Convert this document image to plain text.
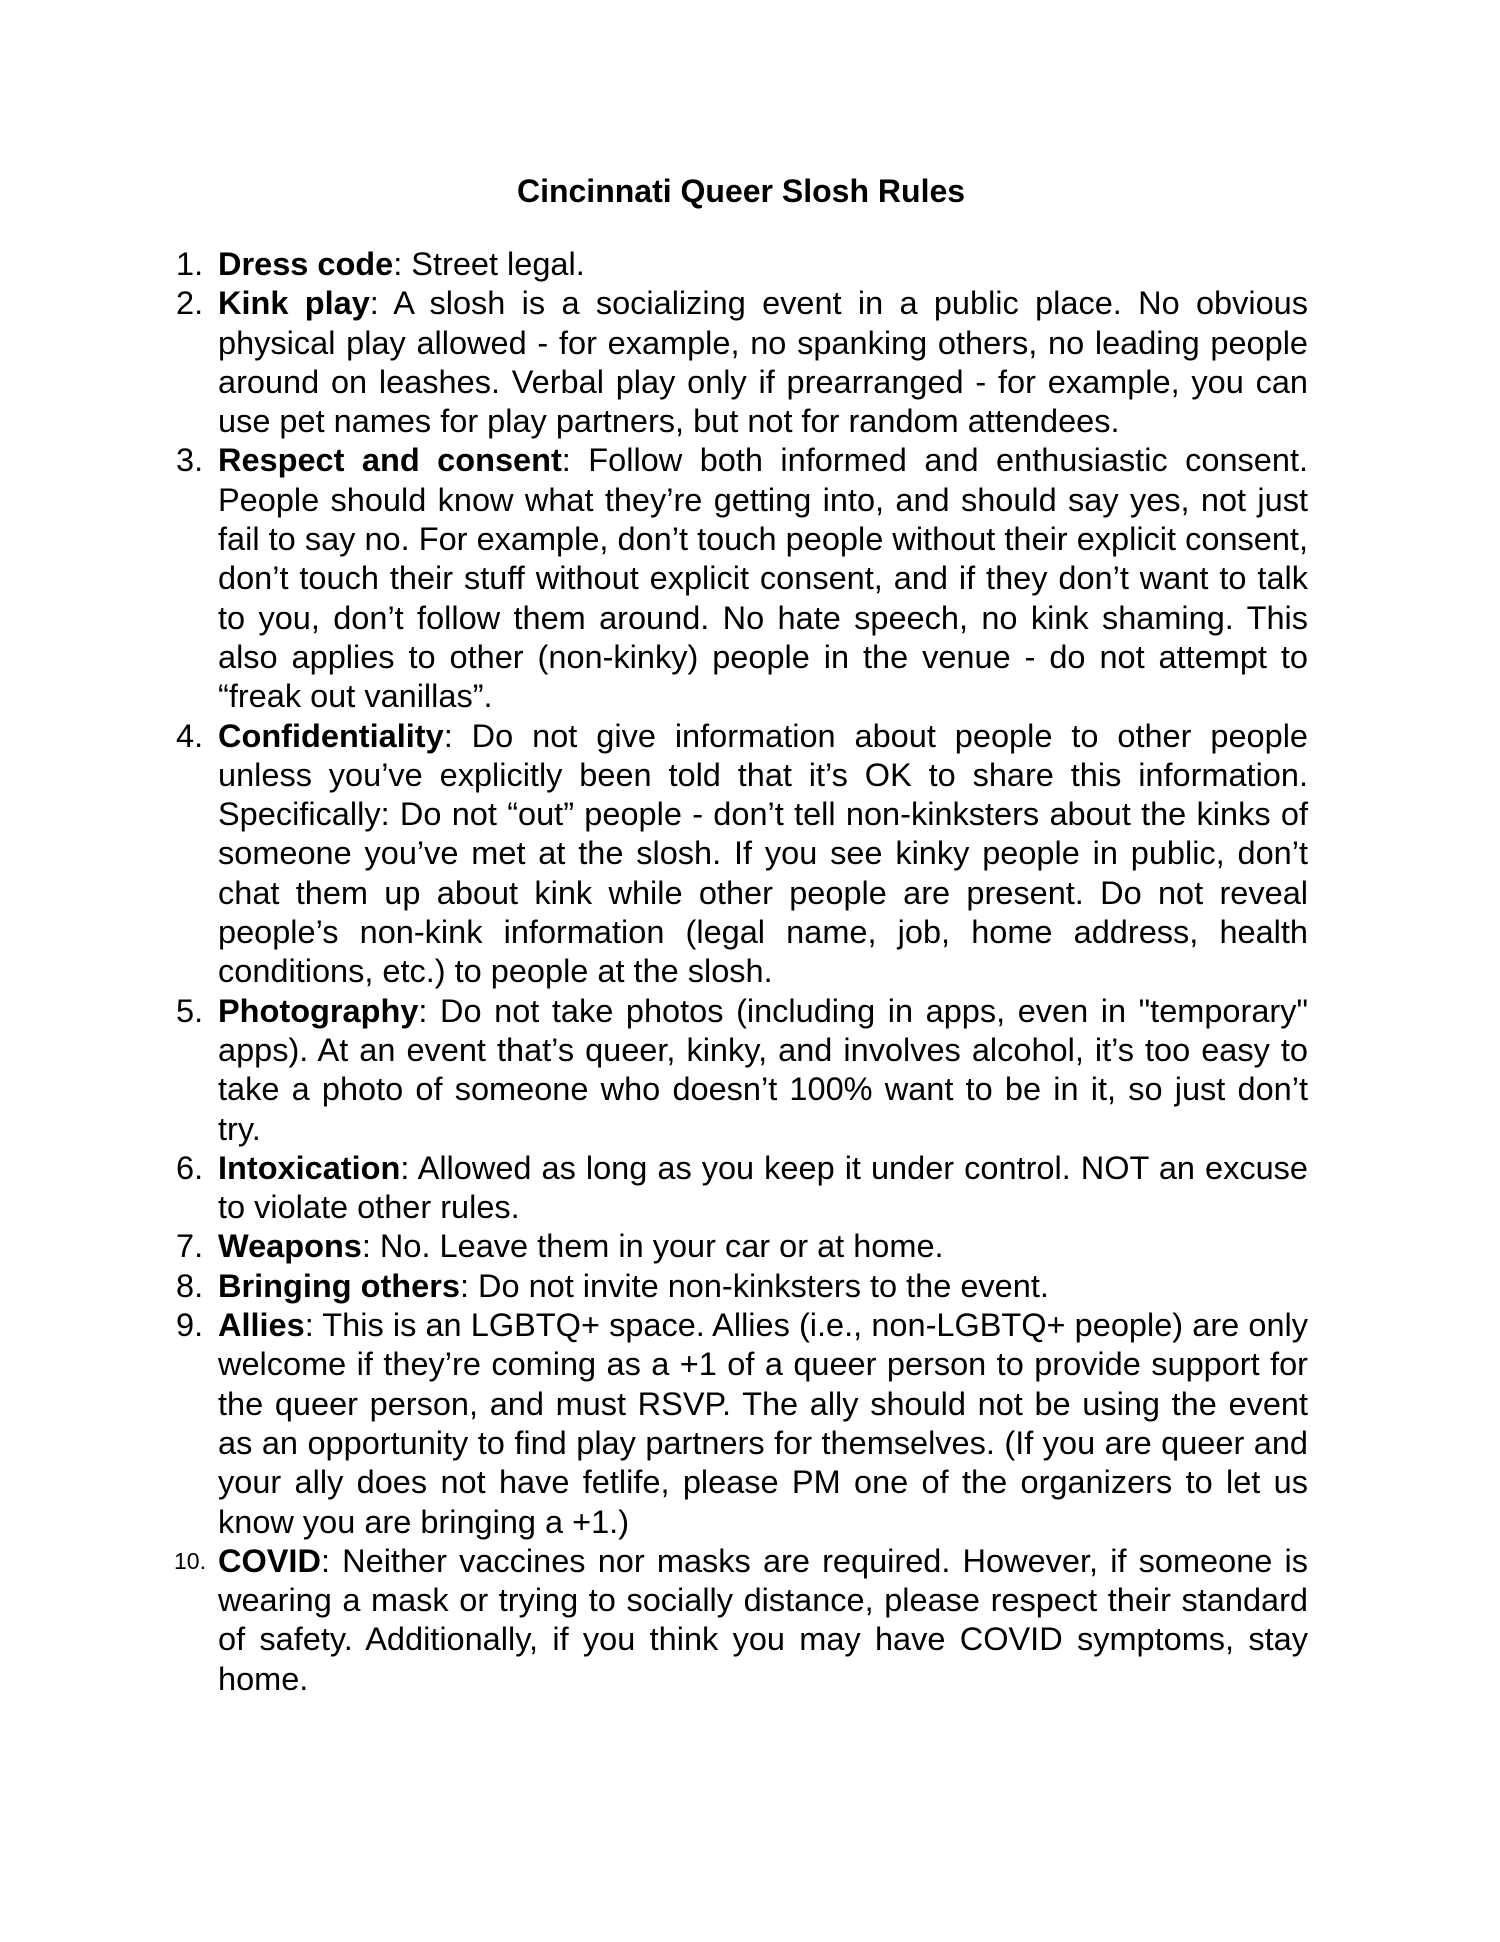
Cincinnati Queer Slosh Rules
1. Dress code: Street legal.
2. Kink play: A slosh is a socializing event in a public place. No obvious physical play allowed - for example, no spanking others, no leading people around on leashes. Verbal play only if prearranged - for example, you can use pet names for play partners, but not for random attendees.
3. Respect and consent: Follow both informed and enthusiastic consent. People should know what they’re getting into, and should say yes, not just fail to say no. For example, don’t touch people without their explicit consent, don’t touch their stuff without explicit consent, and if they don’t want to talk to you, don’t follow them around. No hate speech, no kink shaming. This also applies to other (non-kinky) people in the venue - do not attempt to “freak out vanillas”.
4. Confidentiality: Do not give information about people to other people unless you’ve explicitly been told that it’s OK to share this information. Specifically: Do not “out” people - don’t tell non-kinksters about the kinks of someone you’ve met at the slosh. If you see kinky people in public, don’t chat them up about kink while other people are present. Do not reveal people’s non-kink information (legal name, job, home address, health conditions, etc.) to people at the slosh.
5. Photography: Do not take photos (including in apps, even in "temporary" apps). At an event that’s queer, kinky, and involves alcohol, it’s too easy to take a photo of someone who doesn’t 100% want to be in it, so just don’t try.
6. Intoxication: Allowed as long as you keep it under control. NOT an excuse to violate other rules.
7. Weapons: No. Leave them in your car or at home.
8. Bringing others: Do not invite non-kinksters to the event.
9. Allies: This is an LGBTQ+ space. Allies (i.e., non-LGBTQ+ people) are only welcome if they’re coming as a +1 of a queer person to provide support for the queer person, and must RSVP. The ally should not be using the event as an opportunity to find play partners for themselves. (If you are queer and your ally does not have fetlife, please PM one of the organizers to let us know you are bringing a +1.)
10. COVID: Neither vaccines nor masks are required. However, if someone is wearing a mask or trying to socially distance, please respect their standard of safety. Additionally, if you think you may have COVID symptoms, stay home.
